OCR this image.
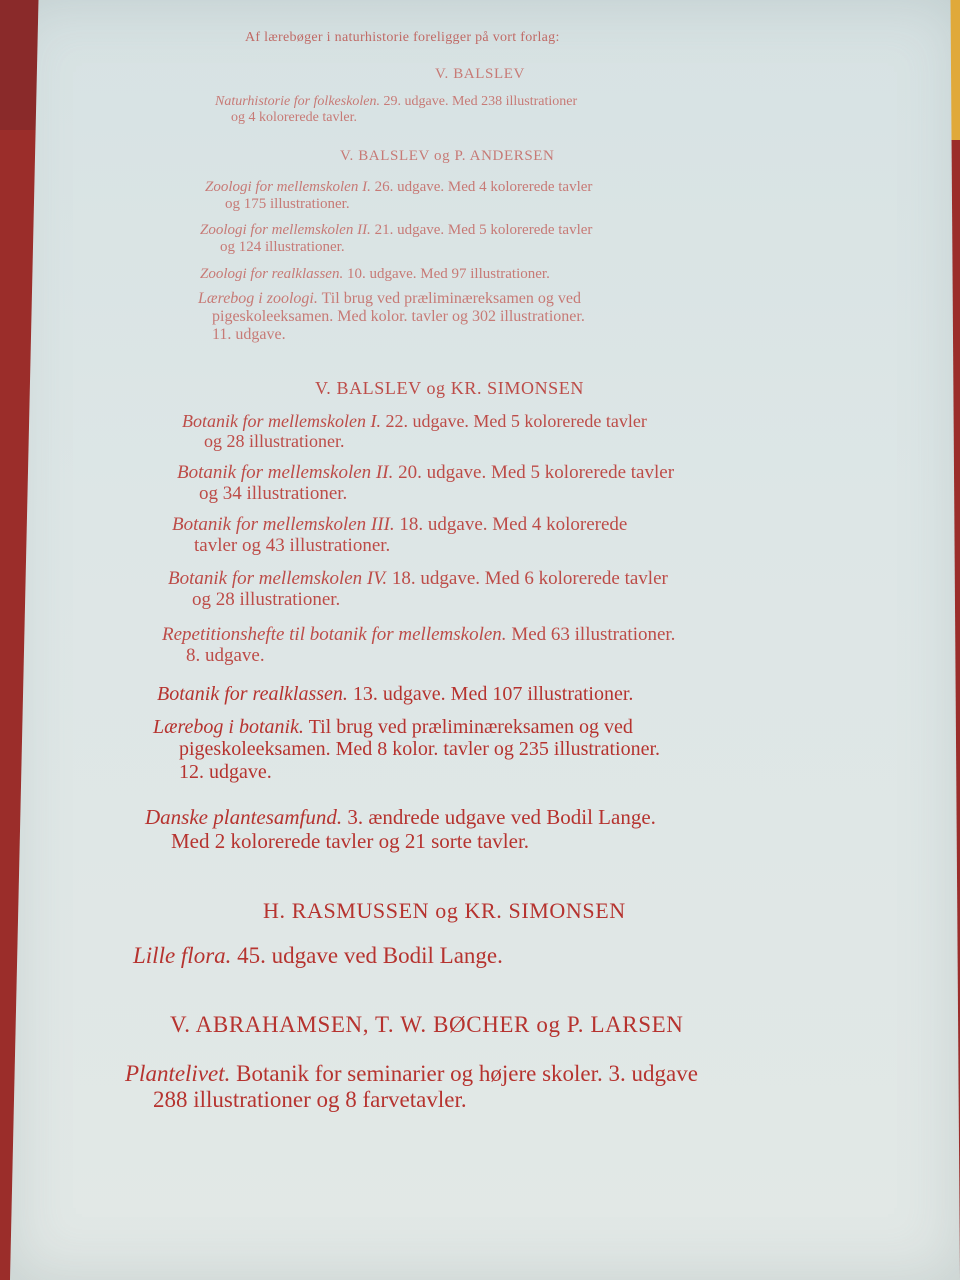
Af lærebøger i naturhistorie foreligger på vort forlag:
V. BALSLEV
Naturhistorie for folkeskolen. 29. udgave. Med 238 illustrationer
og 4 kolorerede tavler.
V. BALSLEV og P. ANDERSEN
Zoologi for mellemskolen I. 26. udgave. Med 4 kolorerede tavler
og 175 illustrationer.
Zoologi for mellemskolen II. 21. udgave. Med 5 kolorerede tavler
og 124 illustrationer.
Zoologi for realklassen. 10. udgave. Med 97 illustrationer.
Lærebog i zoologi. Til brug ved præliminæreksamen og ved
pigeskoleeksamen. Med kolor. tavler og 302 illustrationer.
11. udgave.
V. BALSLEV og KR. SIMONSEN
Botanik for mellemskolen I. 22. udgave. Med 5 kolorerede tavler
og 28 illustrationer.
Botanik for mellemskolen II. 20. udgave. Med 5 kolorerede tavler
og 34 illustrationer.
Botanik for mellemskolen III. 18. udgave. Med 4 kolorerede
tavler og 43 illustrationer.
Botanik for mellemskolen IV. 18. udgave. Med 6 kolorerede tavler
og 28 illustrationer.
Repetitionshefte til botanik for mellemskolen. Med 63 illustrationer.
8. udgave.
Botanik for realklassen. 13. udgave. Med 107 illustrationer.
Lærebog i botanik. Til brug ved præliminæreksamen og ved
pigeskoleeksamen. Med 8 kolor. tavler og 235 illustrationer.
12. udgave.
Danske plantesamfund. 3. ændrede udgave ved Bodil Lange.
Med 2 kolorerede tavler og 21 sorte tavler.
H. RASMUSSEN og KR. SIMONSEN
Lille flora. 45. udgave ved Bodil Lange.
V. ABRAHAMSEN, T. W. BØCHER og P. LARSEN
Plantelivet. Botanik for seminarier og højere skoler. 3. udgave
288 illustrationer og 8 farvetavler.
